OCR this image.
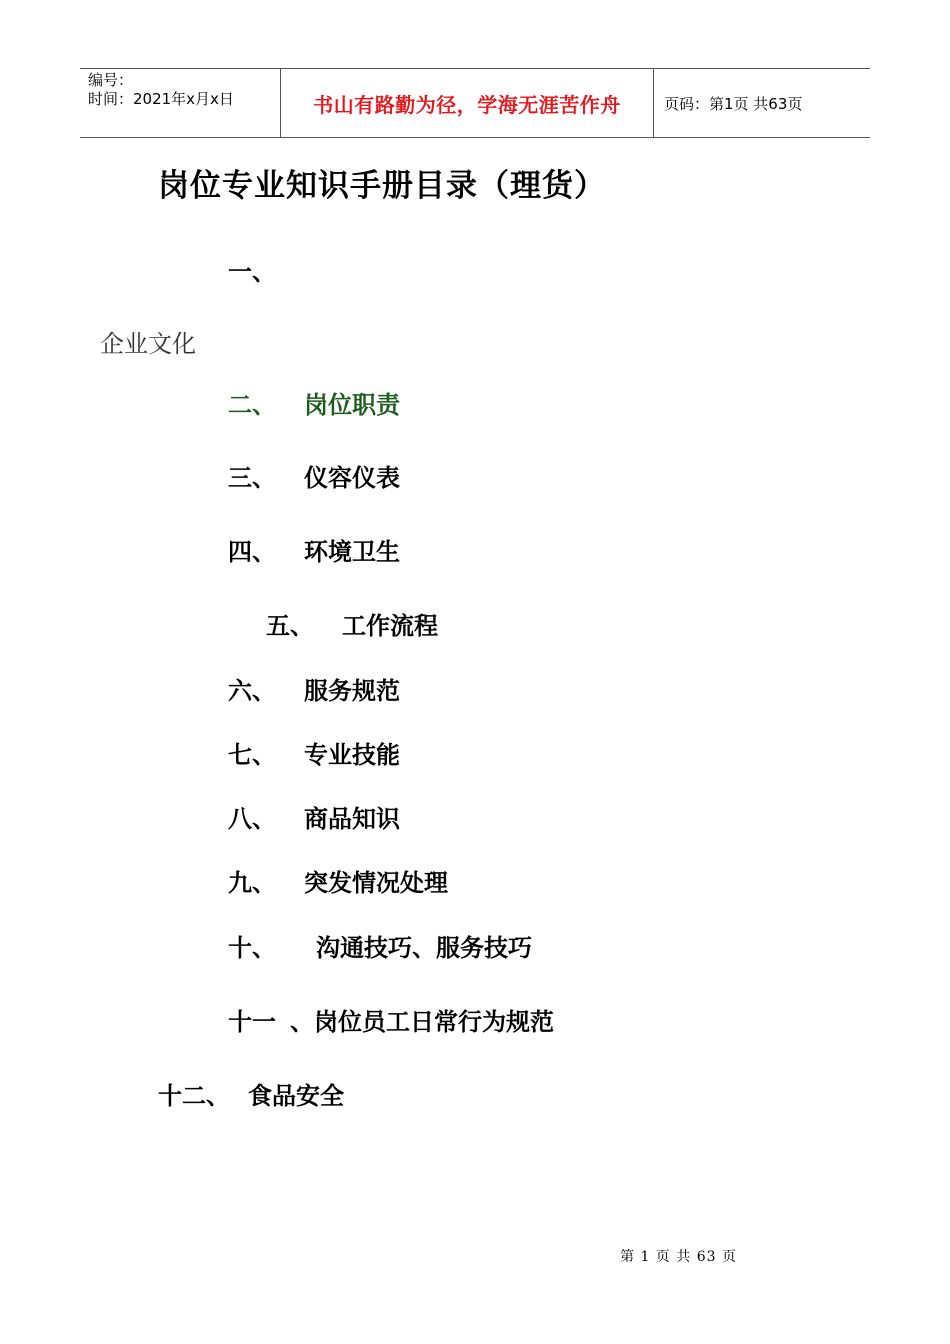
编号：
时间：2021年x月x日	书山有路勤为径，学海无涯苦作舟	页码：第1页 共63页
岗位专业知识手册目录（理货）
一、
企业文化
二、 岗位职责
三、 仪容仪表
四、 环境卫生
五、 工作流程
六、 服务规范
七、 专业技能
八、 商品知识
九、 突发情况处理
十、 沟通技巧、服务技巧
十一 、岗位员工日常行为规范
十二、 食品安全
第 1 页 共 63 页
